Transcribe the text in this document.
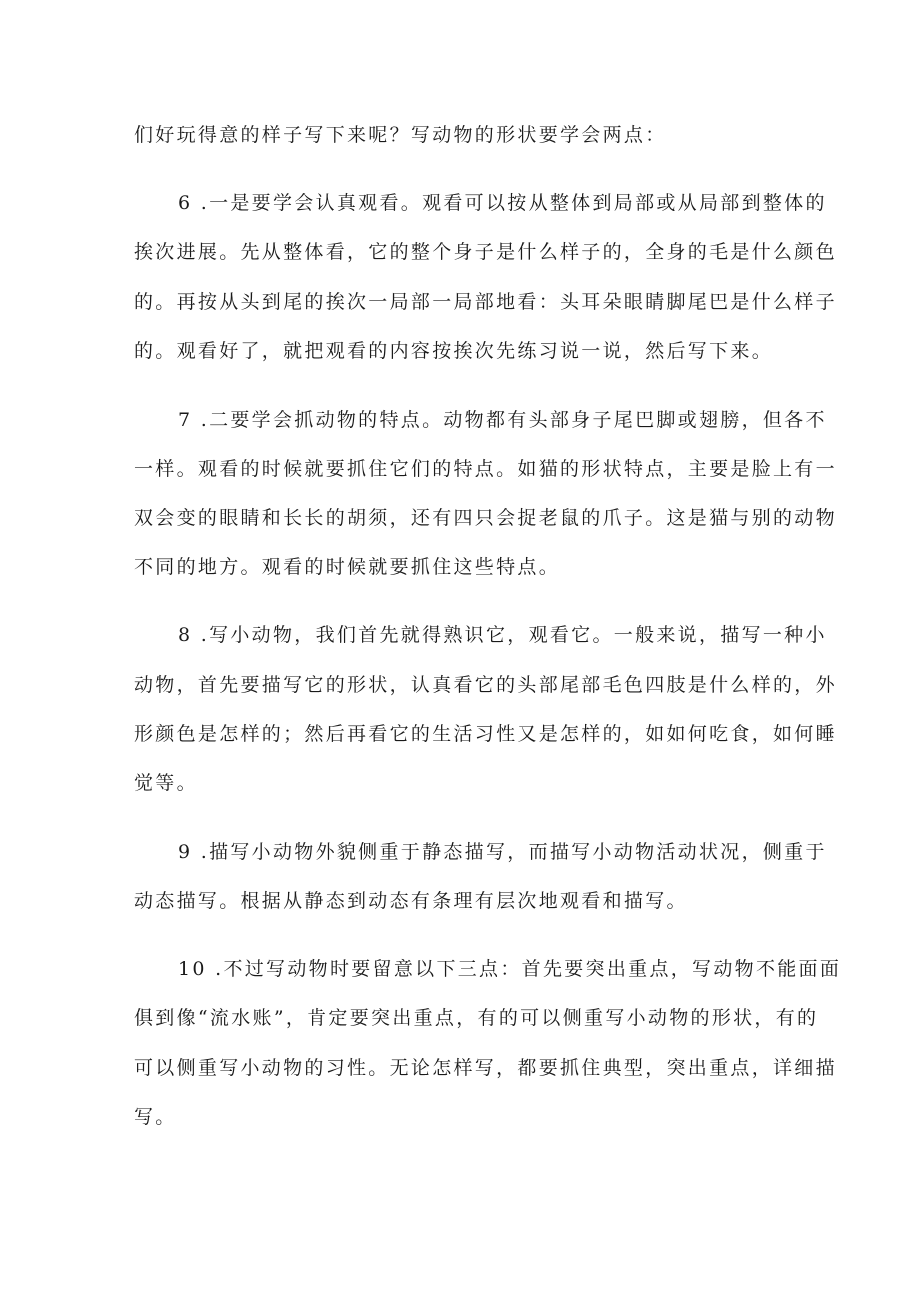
们好玩得意的样子写下来呢？写动物的形状要学会两点：

6 .一是要学会认真观看。观看可以按从整体到局部或从局部到整体的

挨次进展。先从整体看，它的整个身子是什么样子的，全身的毛是什么颜色

的。再按从头到尾的挨次一局部一局部地看：头耳朵眼睛脚尾巴是什么样子

的。观看好了，就把观看的内容按挨次先练习说一说，然后写下来。

7 .二要学会抓动物的特点。动物都有头部身子尾巴脚或翅膀，但各不

一样。观看的时候就要抓住它们的特点。如猫的形状特点，主要是脸上有一

双会变的眼睛和长长的胡须，还有四只会捉老鼠的爪子。这是猫与别的动物

不同的地方。观看的时候就要抓住这些特点。

8 .写小动物，我们首先就得熟识它，观看它。一般来说，描写一种小

动物，首先要描写它的形状，认真看它的头部尾部毛色四肢是什么样的，外

形颜色是怎样的；然后再看它的生活习性又是怎样的，如如何吃食，如何睡

觉等。

9 .描写小动物外貌侧重于静态描写，而描写小动物活动状况，侧重于

动态描写。根据从静态到动态有条理有层次地观看和描写。

10 .不过写动物时要留意以下三点：首先要突出重点，写动物不能面面

俱到像“流水账”，肯定要突出重点，有的可以侧重写小动物的形状，有的

可以侧重写小动物的习性。无论怎样写，都要抓住典型，突出重点，详细描

写。
